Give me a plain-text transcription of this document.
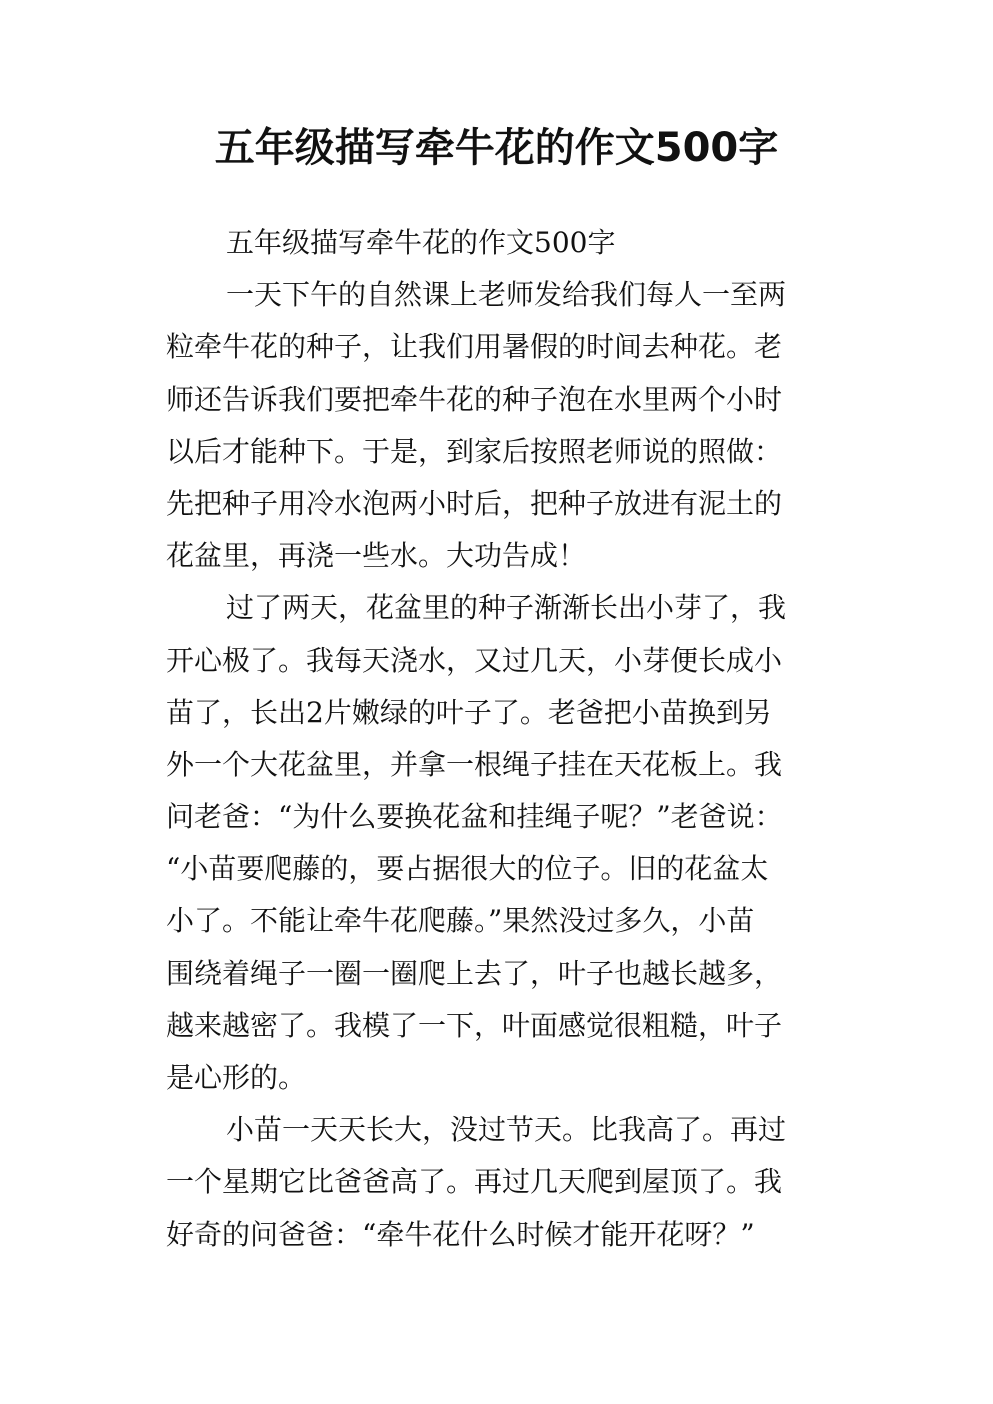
五年级描写牵牛花的作文500字
五年级描写牵牛花的作文500字
一天下午的自然课上老师发给我们每人一至两
粒牵牛花的种子，让我们用暑假的时间去种花。老
师还告诉我们要把牵牛花的种子泡在水里两个小时
以后才能种下。于是，到家后按照老师说的照做：
先把种子用冷水泡两小时后，把种子放进有泥土的
花盆里，再浇一些水。大功告成！
过了两天，花盆里的种子渐渐长出小芽了，我
开心极了。我每天浇水，又过几天，小芽便长成小
苗了，长出2片嫩绿的叶子了。老爸把小苗换到另
外一个大花盆里，并拿一根绳子挂在天花板上。我
问老爸：“为什么要换花盆和挂绳子呢？”老爸说：
“小苗要爬藤的，要占据很大的位子。旧的花盆太
小了。不能让牵牛花爬藤。”果然没过多久，小苗
围绕着绳子一圈一圈爬上去了，叶子也越长越多，
越来越密了。我模了一下，叶面感觉很粗糙，叶子
是心形的。
小苗一天天长大，没过节天。比我高了。再过
一个星期它比爸爸高了。再过几天爬到屋顶了。我
好奇的问爸爸：“牵牛花什么时候才能开花呀？”
